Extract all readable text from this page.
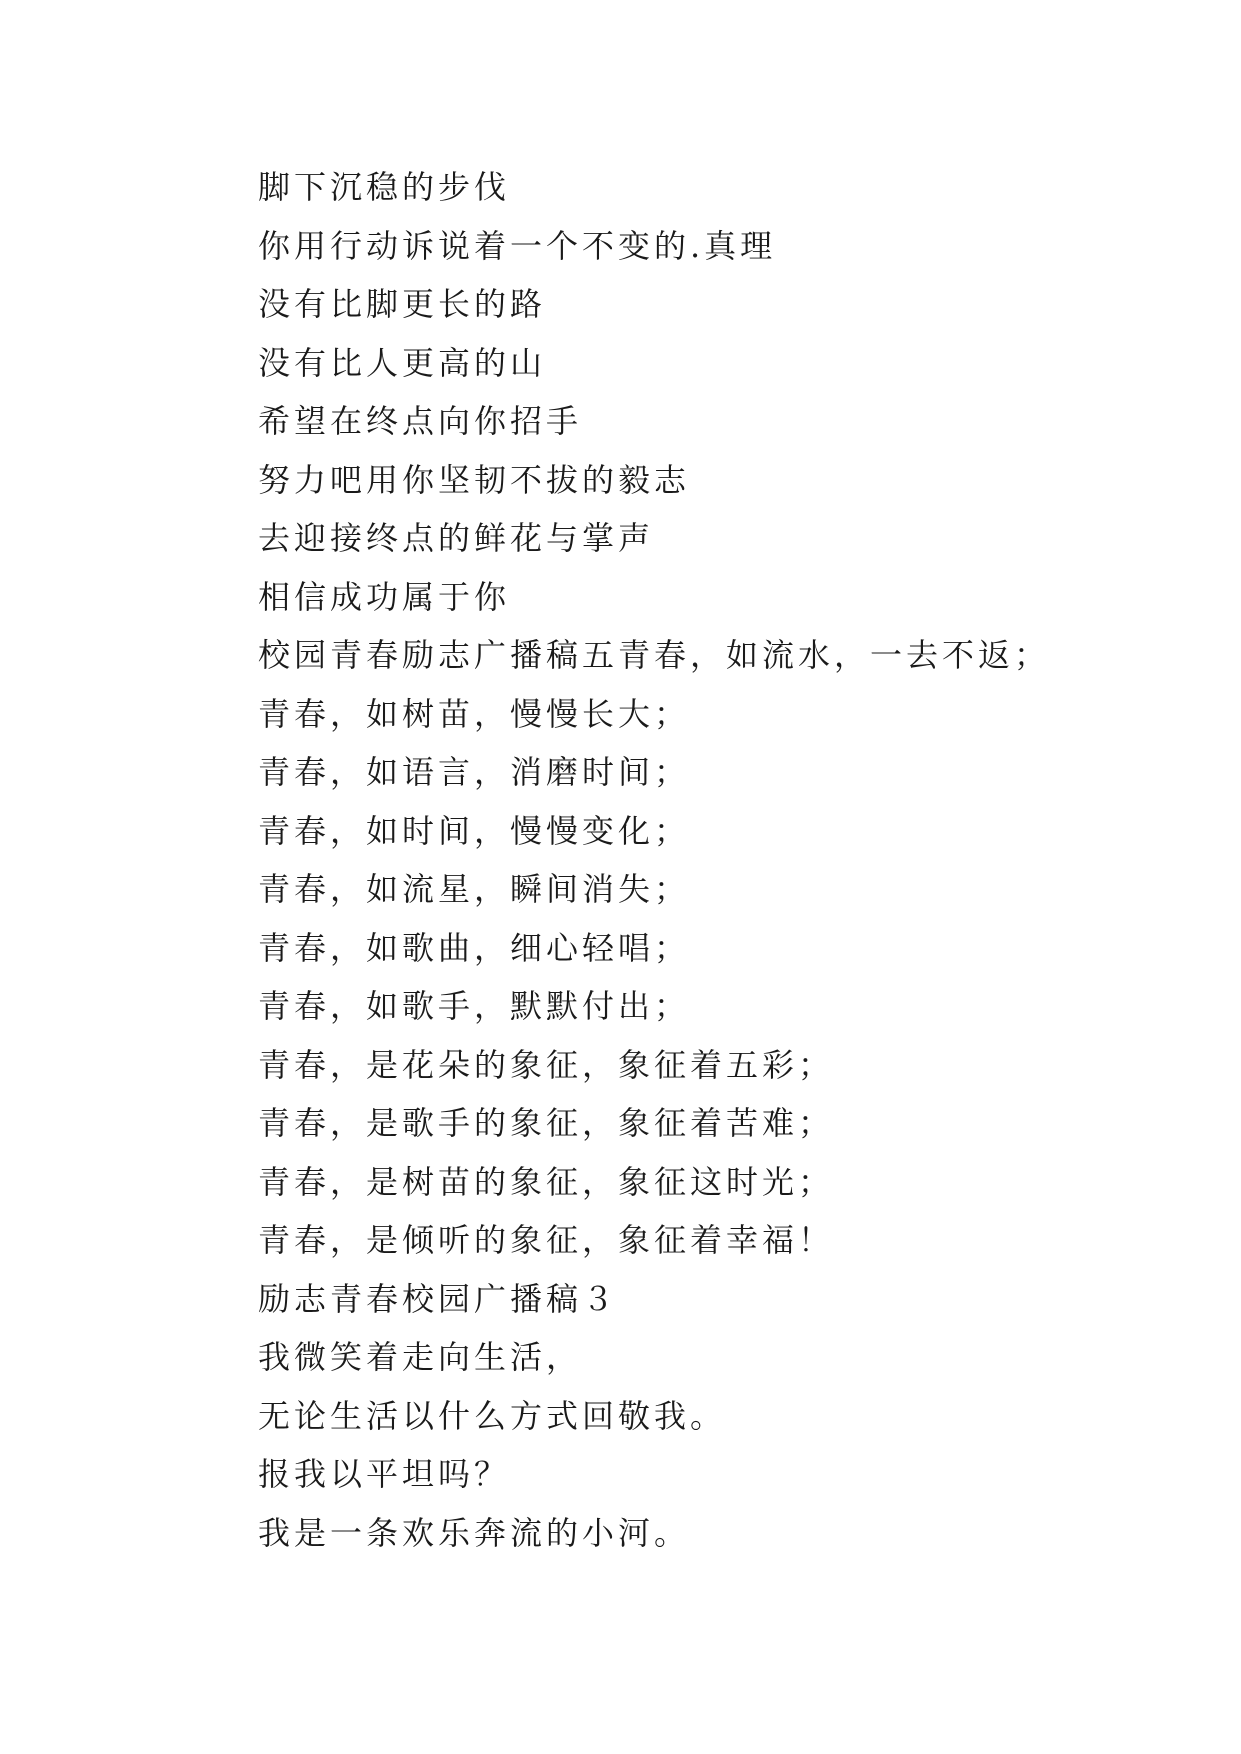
脚下沉稳的步伐

你用行动诉说着一个不变的.真理

没有比脚更长的路

没有比人更高的山

希望在终点向你招手

努力吧用你坚韧不拔的毅志

去迎接终点的鲜花与掌声

相信成功属于你

校园青春励志广播稿五青春，如流水，一去不返；

青春，如树苗，慢慢长大；

青春，如语言，消磨时间；

青春，如时间，慢慢变化；

青春，如流星，瞬间消失；

青春，如歌曲，细心轻唱；

青春，如歌手，默默付出；

青春，是花朵的象征，象征着五彩；

青春，是歌手的象征，象征着苦难；

青春，是树苗的象征，象征这时光；

青春，是倾听的象征，象征着幸福！

励志青春校园广播稿３

我微笑着走向生活，

无论生活以什么方式回敬我。

报我以平坦吗？

我是一条欢乐奔流的小河。
